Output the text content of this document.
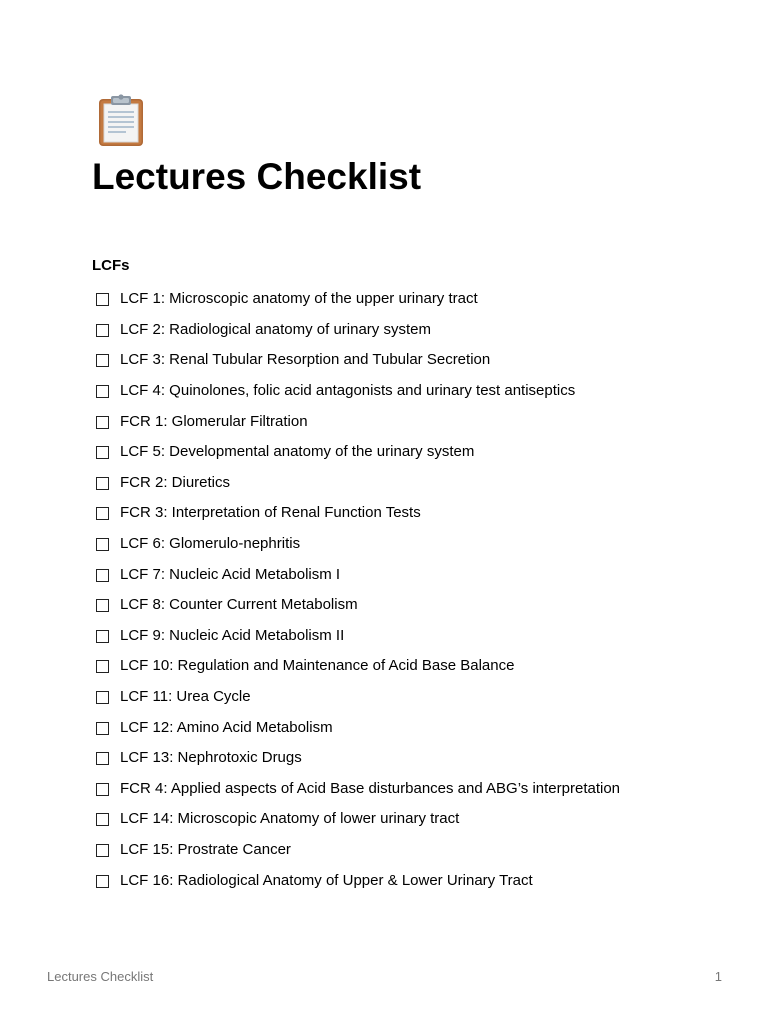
Lectures Checklist
LCFs
LCF 1: Microscopic anatomy of the upper urinary tract
LCF 2: Radiological anatomy of urinary system
LCF 3: Renal Tubular Resorption and Tubular Secretion
LCF 4: Quinolones, folic acid antagonists and urinary test antiseptics
FCR 1: Glomerular Filtration
LCF 5: Developmental anatomy of the urinary system
FCR 2: Diuretics
FCR 3: Interpretation of Renal Function Tests
LCF 6: Glomerulo-nephritis
LCF 7: Nucleic Acid Metabolism I
LCF 8: Counter Current Metabolism
LCF 9: Nucleic Acid Metabolism II
LCF 10: Regulation and Maintenance of Acid Base Balance
LCF 11: Urea Cycle
LCF 12: Amino Acid Metabolism
LCF 13: Nephrotoxic Drugs
FCR 4: Applied aspects of Acid Base disturbances and ABG’s interpretation
LCF 14: Microscopic Anatomy of lower urinary tract
LCF 15: Prostrate Cancer
LCF 16: Radiological Anatomy of Upper & Lower Urinary Tract
Lectures Checklist	1
